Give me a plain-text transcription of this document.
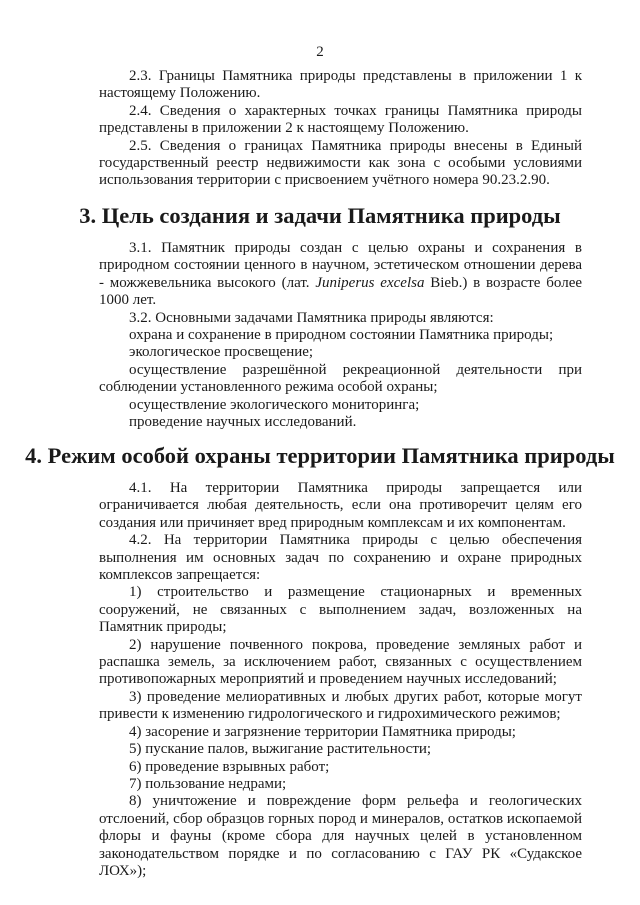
2

2.3. Границы Памятника природы представлены в приложении 1 к настоящему Положению.

2.4. Сведения о характерных точках границы Памятника природы представлены в приложении 2 к настоящему Положению.

2.5. Сведения о границах Памятника природы внесены в Единый государственный реестр недвижимости как зона с особыми условиями использования территории с присвоением учётного номера 90.23.2.90.

3. Цель создания и задачи Памятника природы

3.1. Памятник природы создан с целью охраны и сохранения в природном состоянии ценного в научном, эстетическом отношении дерева - можжевельника высокого (лат. Juniperus excelsa Bieb.) в возрасте более 1000 лет.

3.2. Основными задачами Памятника природы являются:

охрана и сохранение в природном состоянии Памятника природы;

экологическое просвещение;

осуществление разрешённой рекреационной деятельности при соблюдении установленного режима особой охраны;

осуществление экологического мониторинга;

проведение научных исследований.

4. Режим особой охраны территории Памятника природы

4.1. На территории Памятника природы запрещается или ограничивается любая деятельность, если она противоречит целям его создания или причиняет вред природным комплексам и их компонентам.

4.2. На территории Памятника природы с целью обеспечения выполнения им основных задач по сохранению и охране природных комплексов запрещается:

1) строительство и размещение стационарных и временных сооружений, не связанных с выполнением задач, возложенных на Памятник природы;

2) нарушение почвенного покрова, проведение земляных работ и распашка земель, за исключением работ, связанных с осуществлением противопожарных мероприятий и проведением научных исследований;

3) проведение мелиоративных и любых других работ, которые могут привести к изменению гидрологического и гидрохимического режимов;

4) засорение и загрязнение территории Памятника природы;

5) пускание палов, выжигание растительности;

6) проведение взрывных работ;

7) пользование недрами;

8) уничтожение и повреждение форм рельефа и геологических отслоений, сбор образцов горных пород и минералов, остатков ископаемой флоры и фауны (кроме сбора для научных целей в установленном законодательством порядке и по согласованию с ГАУ РК «Судакское ЛОХ»);
